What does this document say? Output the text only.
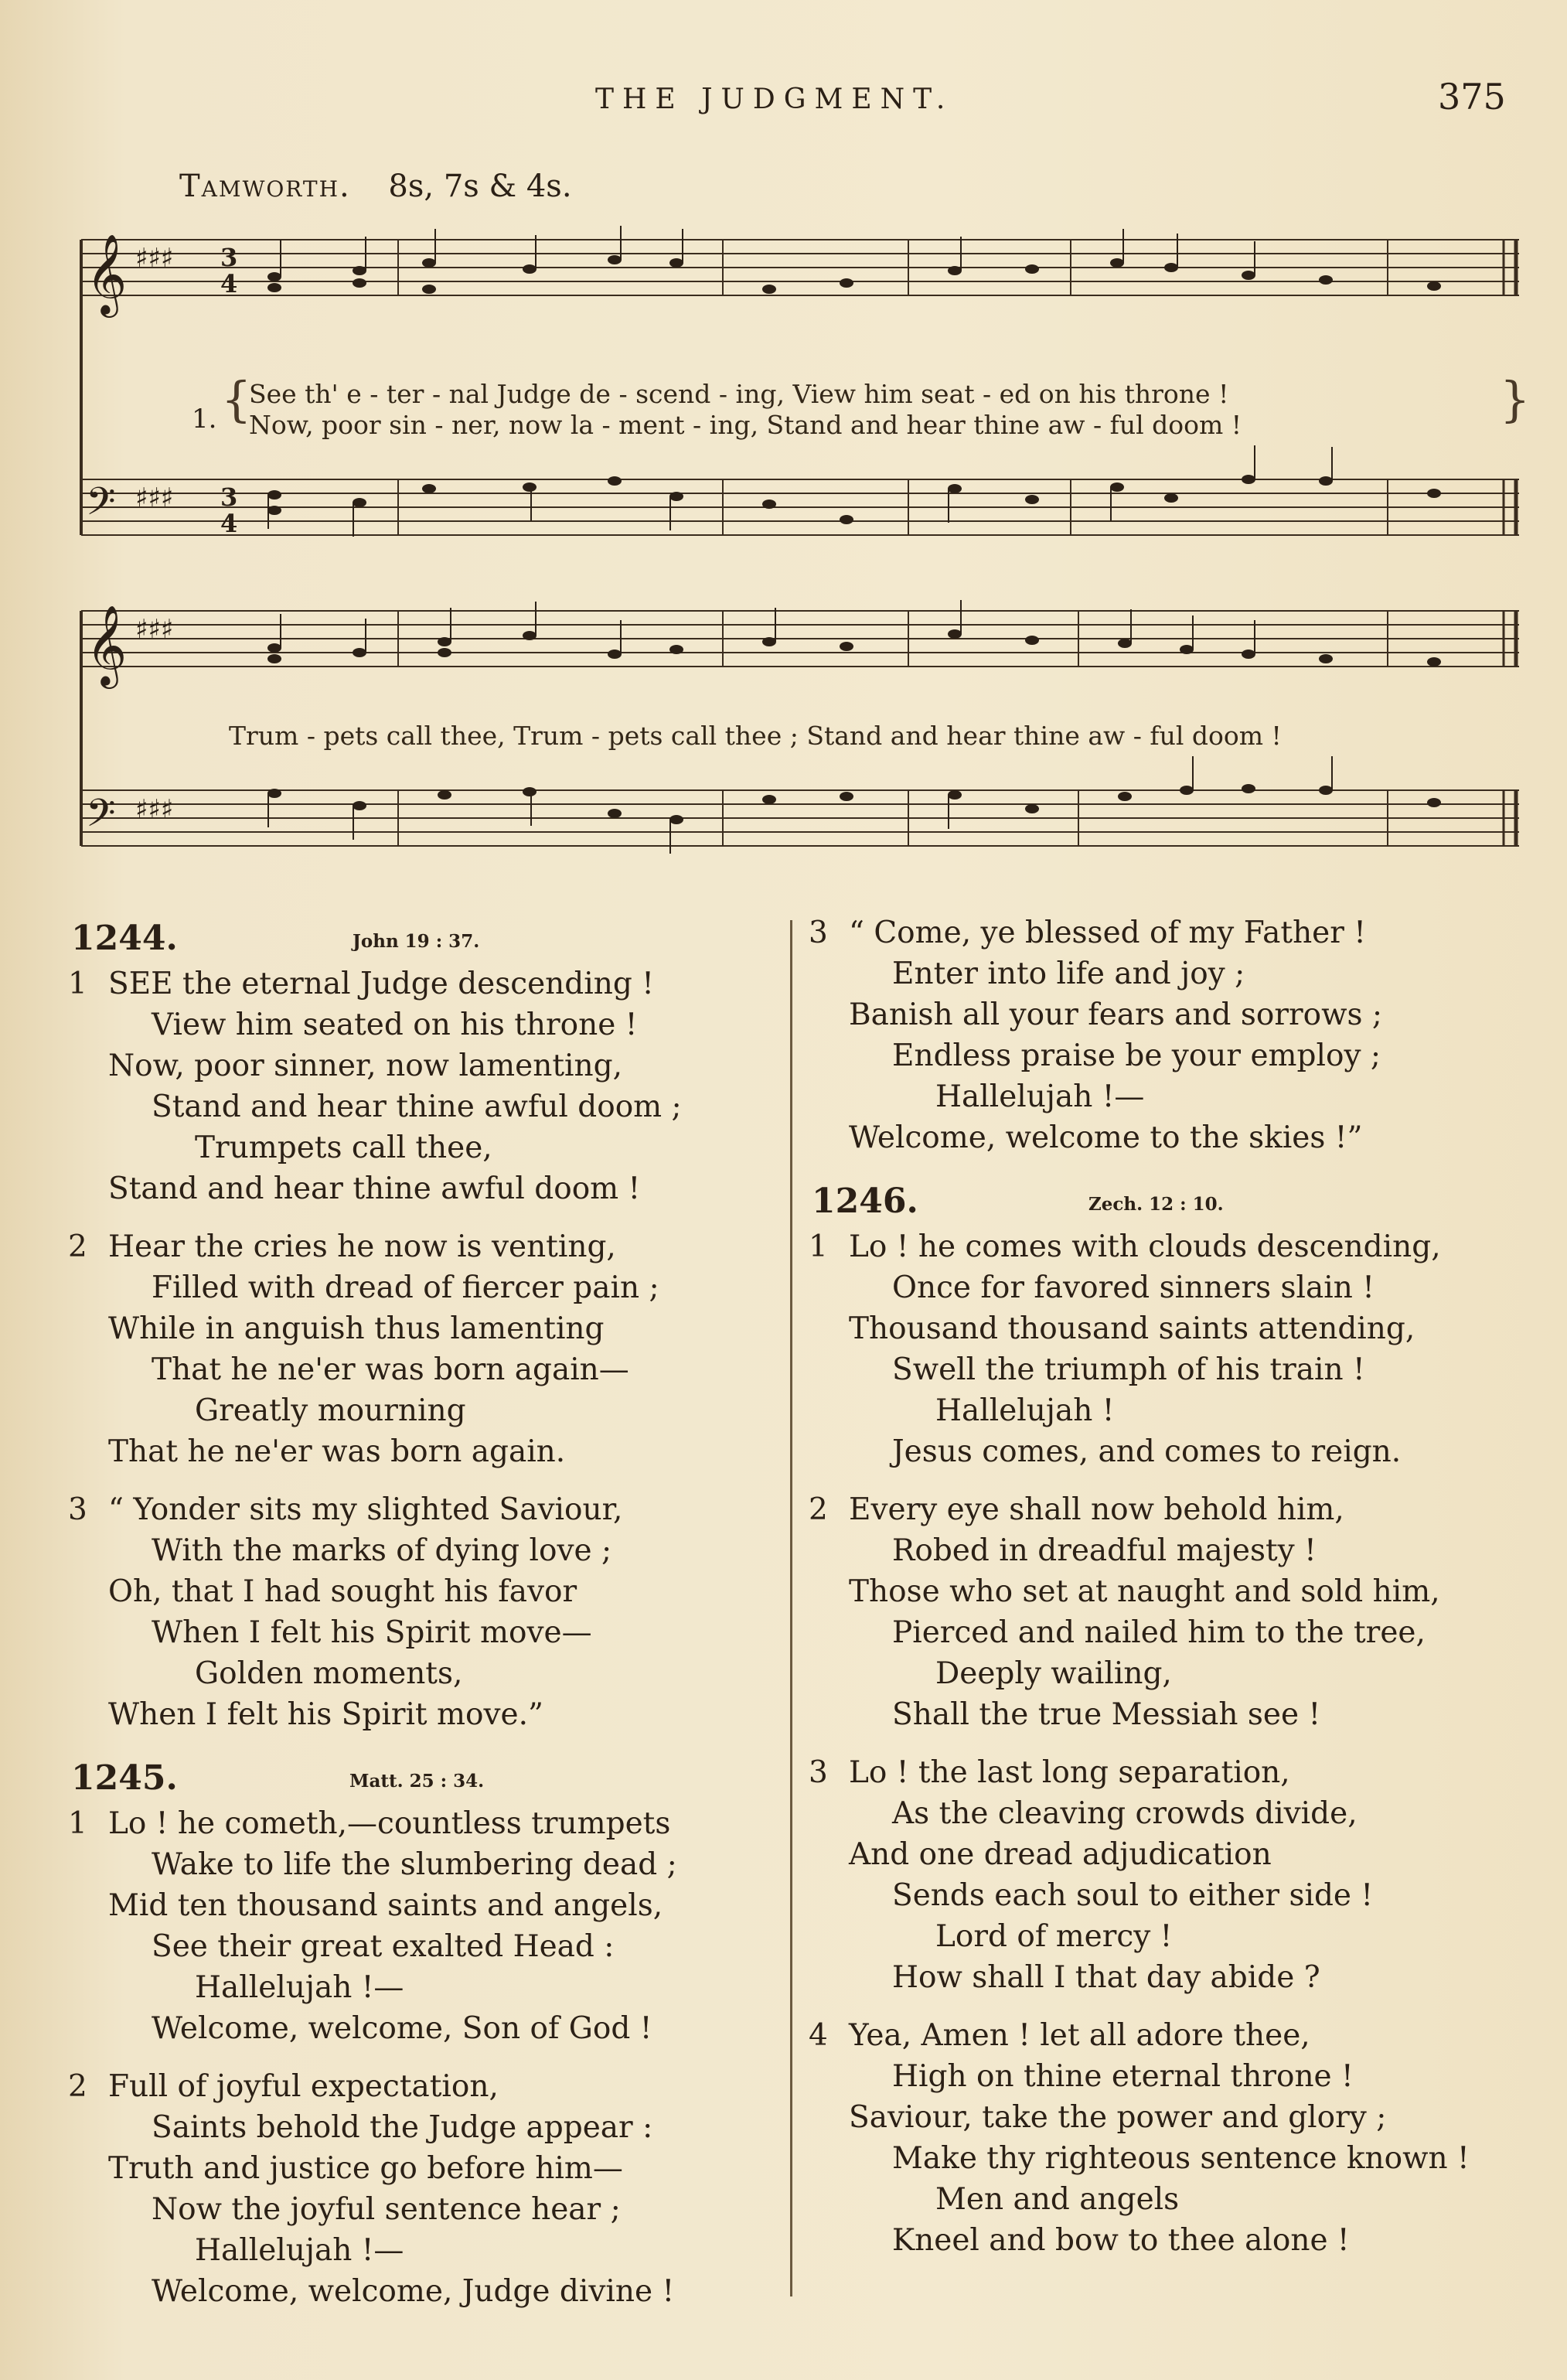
THE JUDGMENT.	375
Tamworth. 8s, 7s & 4s.
𝄞
𝄢
♯♯♯
♯♯♯
3
4
3
4
1. {	}
See th' e - ter - nal Judge de - scend - ing, View him seat - ed on his throne !
Now, poor sin - ner, now la - ment - ing, Stand and hear thine aw - ful doom !
𝄞
𝄢
♯♯♯
♯♯♯
Trum - pets call thee, Trum - pets call thee ; Stand and hear thine aw - ful doom !
1244.	John 19 : 37.
1 SEE the eternal Judge descending !
View him seated on his throne !
Now, poor sinner, now lamenting,
Stand and hear thine awful doom ;
Trumpets call thee,
Stand and hear thine awful doom !
2 Hear the cries he now is venting,
Filled with dread of fiercer pain ;
While in anguish thus lamenting
That he ne'er was born again—
Greatly mourning
That he ne'er was born again.
3 “ Yonder sits my slighted Saviour,
With the marks of dying love ;
Oh, that I had sought his favor
When I felt his Spirit move—
Golden moments,
When I felt his Spirit move.”
1245.	Matt. 25 : 34.
1 Lo ! he cometh,—countless trumpets
Wake to life the slumbering dead ;
Mid ten thousand saints and angels,
See their great exalted Head :
Hallelujah !—
Welcome, welcome, Son of God !
2 Full of joyful expectation,
Saints behold the Judge appear :
Truth and justice go before him—
Now the joyful sentence hear ;
Hallelujah !—
Welcome, welcome, Judge divine !
3 “ Come, ye blessed of my Father !
Enter into life and joy ;
Banish all your fears and sorrows ;
Endless praise be your employ ;
Hallelujah !—
Welcome, welcome to the skies !”
1246.	Zech. 12 : 10.
1 Lo ! he comes with clouds descending,
Once for favored sinners slain !
Thousand thousand saints attending,
Swell the triumph of his train !
Hallelujah !
Jesus comes, and comes to reign.
2 Every eye shall now behold him,
Robed in dreadful majesty !
Those who set at naught and sold him,
Pierced and nailed him to the tree,
Deeply wailing,
Shall the true Messiah see !
3 Lo ! the last long separation,
As the cleaving crowds divide,
And one dread adjudication
Sends each soul to either side !
Lord of mercy !
How shall I that day abide ?
4 Yea, Amen ! let all adore thee,
High on thine eternal throne !
Saviour, take the power and glory ;
Make thy righteous sentence known !
Men and angels
Kneel and bow to thee alone !
